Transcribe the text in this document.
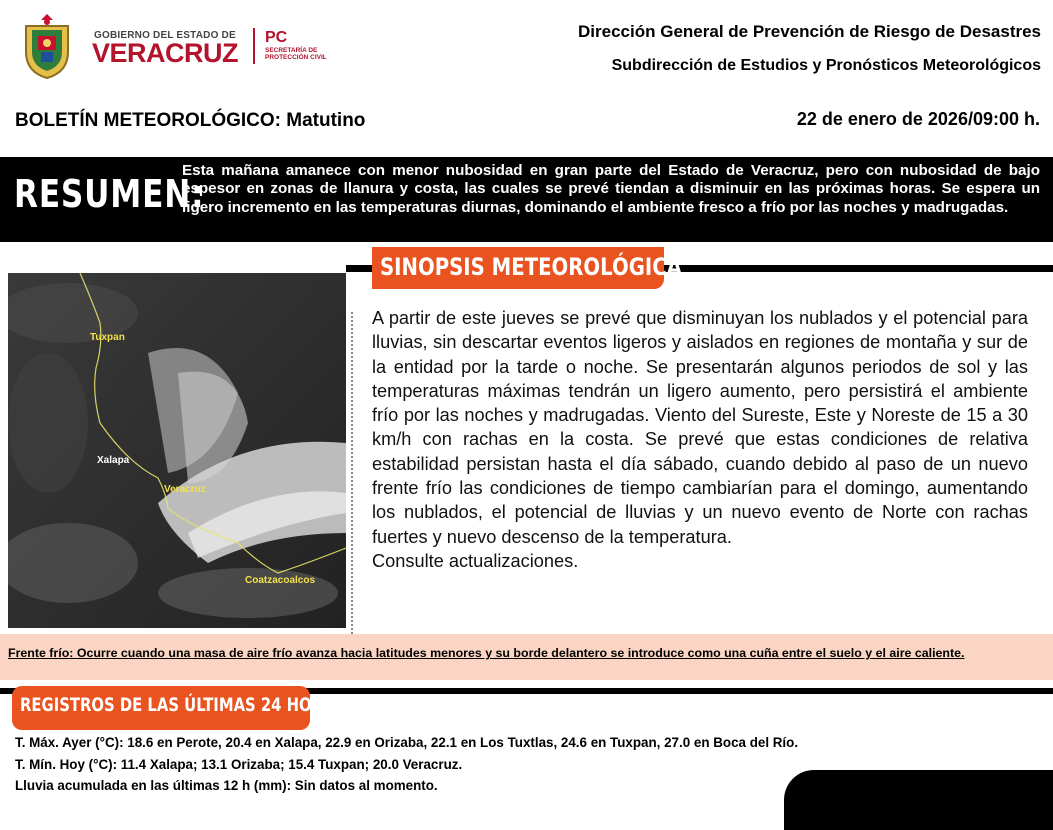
GOBIERNO DEL ESTADO DE
VERACRUZ
PC
SECRETARÍA DE
PROTECCIÓN CIVIL
Dirección General de Prevención de Riesgo de Desastres
Subdirección de Estudios y Pronósticos Meteorológicos
BOLETÍN METEOROLÓGICO: Matutino	22 de enero de 2026/09:00 h.
RESUMEN:
Esta mañana amanece con menor nubosidad en gran parte del Estado de Veracruz, pero con nubosidad de bajo espesor en zonas de llanura y costa, las cuales se prevé tiendan a disminuir en las próximas horas. Se espera un ligero incremento en las temperaturas diurnas, dominando el ambiente fresco a frío por las noches y madrugadas.
SINOPSIS METEOROLÓGICA
Tuxpan
Xalapa
Veracruz
Coatzacoalcos
A partir de este jueves se prevé que disminuyan los nublados y el potencial para lluvias, sin descartar eventos ligeros y aislados en regiones de montaña y sur de la entidad por la tarde o noche. Se presentarán algunos periodos de sol y las temperaturas máximas tendrán un ligero aumento, pero persistirá el ambiente frío por las noches y madrugadas. Viento del Sureste, Este y Noreste de 15 a 30 km/h con rachas en la costa. Se prevé que estas condiciones de relativa estabilidad persistan hasta el día sábado, cuando debido al paso de un nuevo frente frío las condiciones de tiempo cambiarían para el domingo, aumentando los nublados, el potencial de lluvias y un nuevo evento de Norte con rachas fuertes y nuevo descenso de la temperatura.
Consulte actualizaciones.
Frente frío: Ocurre cuando una masa de aire frío avanza hacia latitudes menores y su borde delantero se introduce como una cuña entre el suelo y el aire caliente.
REGISTROS DE LAS ÚLTIMAS 24 HORAS
T. Máx. Ayer (°C): 18.6 en Perote, 20.4 en Xalapa, 22.9 en Orizaba, 22.1 en Los Tuxtlas, 24.6 en Tuxpan, 27.0 en Boca del Río.
T. Mín. Hoy (°C): 11.4 Xalapa; 13.1 Orizaba; 15.4 Tuxpan; 20.0 Veracruz.
Lluvia acumulada en las últimas 12 h (mm): Sin datos al momento.
